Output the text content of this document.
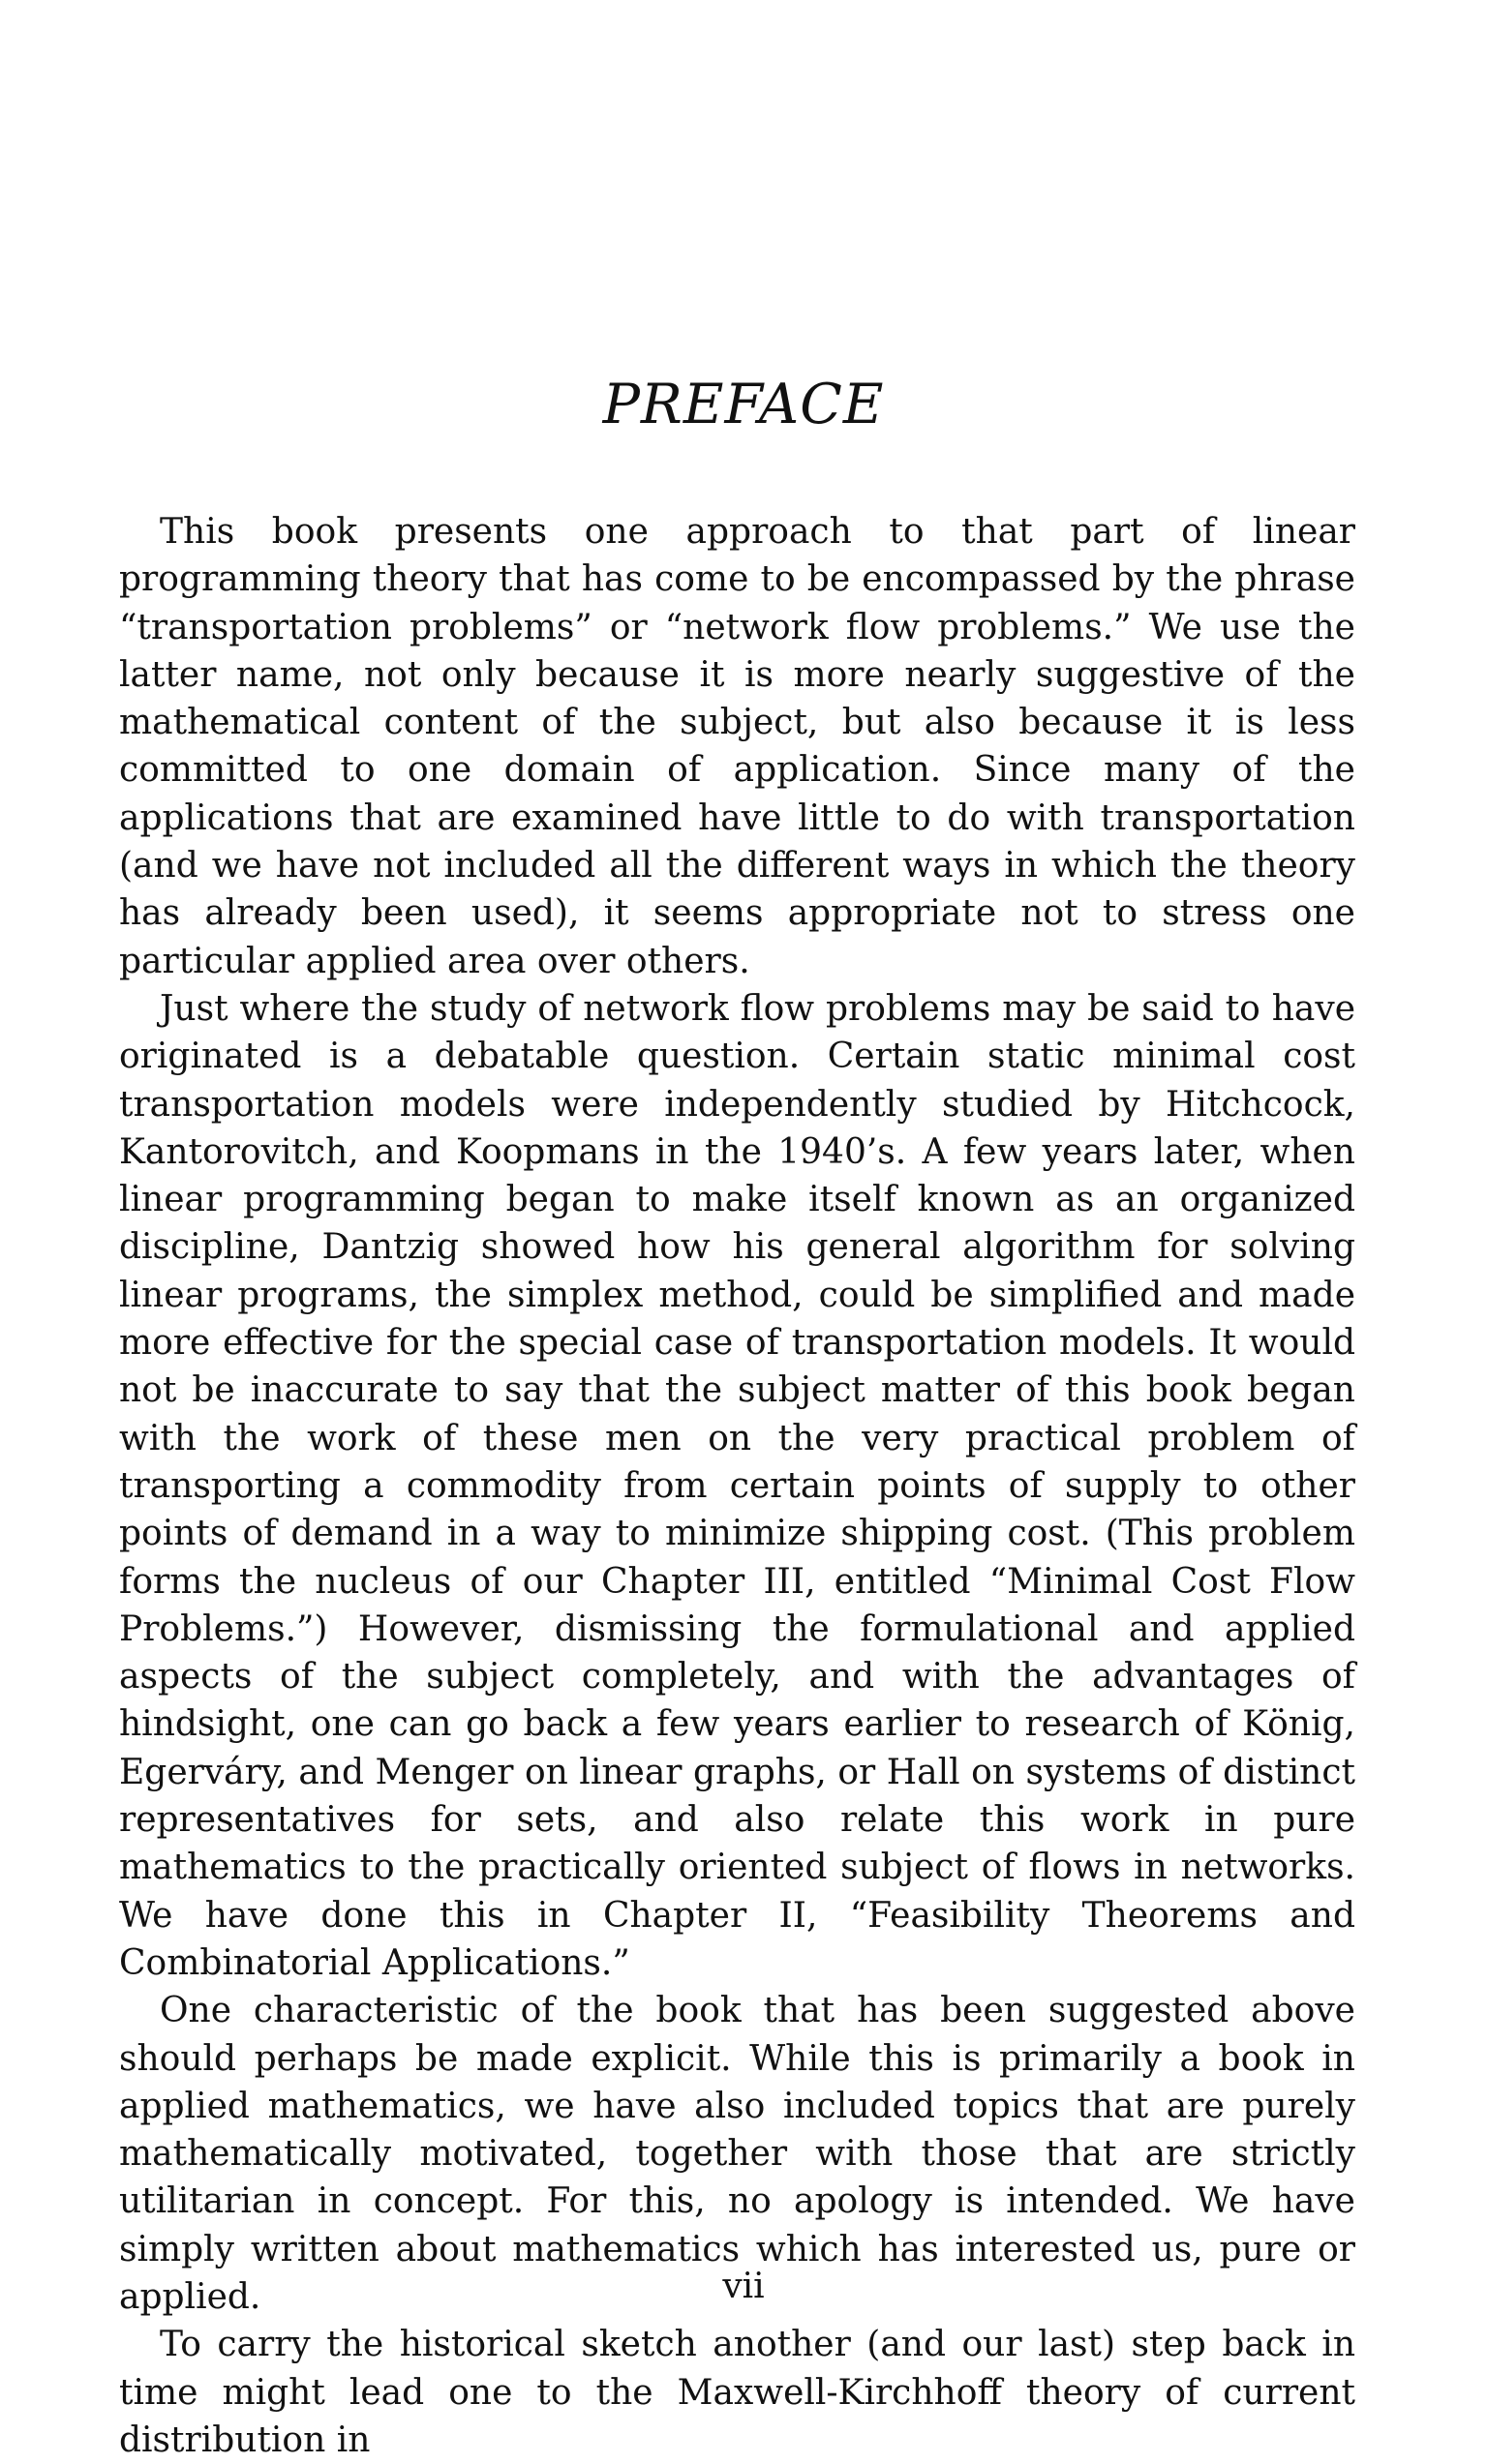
PREFACE

This book presents one approach to that part of linear programming theory that has come to be encompassed by the phrase “transportation problems” or “network flow problems.” We use the latter name, not only because it is more nearly suggestive of the mathematical content of the subject, but also because it is less committed to one domain of application. Since many of the applications that are examined have little to do with transportation (and we have not included all the different ways in which the theory has already been used), it seems appropriate not to stress one particular applied area over others.

Just where the study of network flow problems may be said to have originated is a debatable question. Certain static minimal cost transportation models were independently studied by Hitchcock, Kantorovitch, and Koopmans in the 1940’s. A few years later, when linear programming began to make itself known as an organized discipline, Dantzig showed how his general algorithm for solving linear programs, the simplex method, could be simplified and made more effective for the special case of transportation models. It would not be inaccurate to say that the subject matter of this book began with the work of these men on the very practical problem of transporting a commodity from certain points of supply to other points of demand in a way to minimize shipping cost. (This problem forms the nucleus of our Chapter III, entitled “Minimal Cost Flow Problems.”) However, dismissing the formulational and applied aspects of the subject completely, and with the advantages of hindsight, one can go back a few years earlier to research of König, Egerváry, and Menger on linear graphs, or Hall on systems of distinct representatives for sets, and also relate this work in pure mathematics to the practically oriented subject of flows in networks. We have done this in Chapter II, “Feasibility Theorems and Combinatorial Applications.”

One characteristic of the book that has been suggested above should perhaps be made explicit. While this is primarily a book in applied mathematics, we have also included topics that are purely mathematically motivated, together with those that are strictly utilitarian in concept. For this, no apology is intended. We have simply written about mathematics which has interested us, pure or applied.

To carry the historical sketch another (and our last) step back in time might lead one to the Maxwell-Kirchhoff theory of current distribution in

vii
